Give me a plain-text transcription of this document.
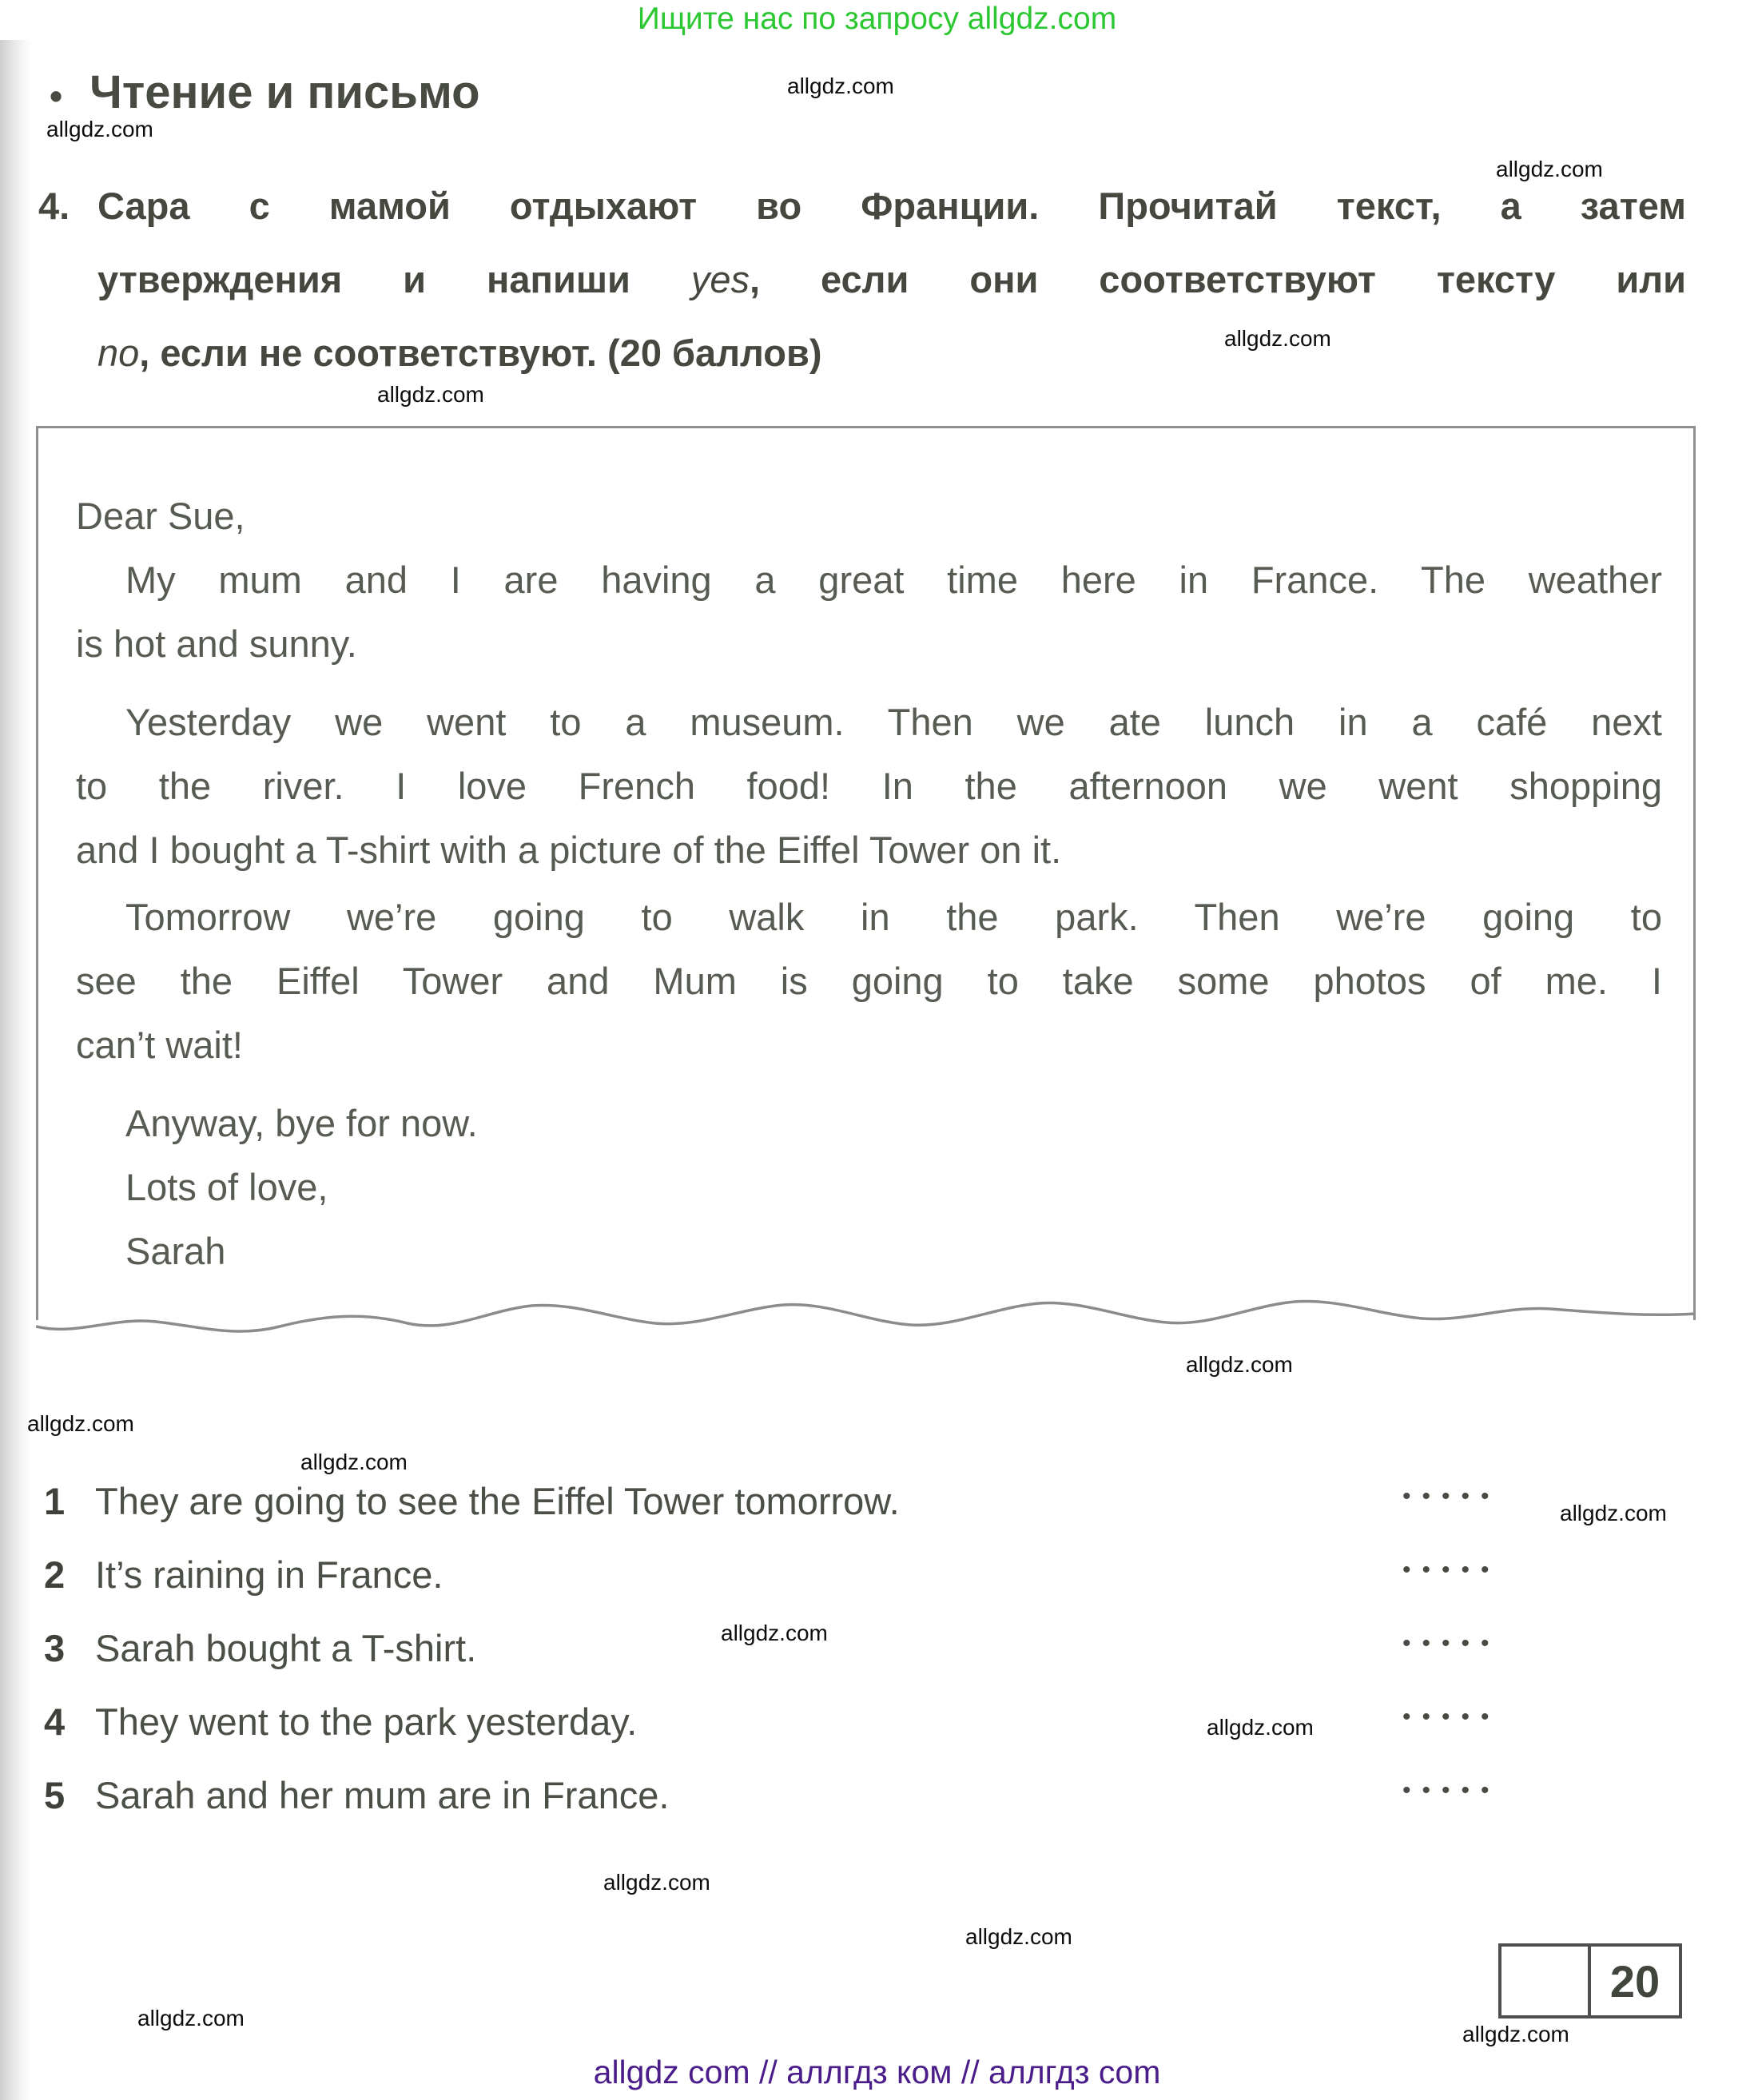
Ищите нас по запросу allgdz.com
allgdz.com
allgdz.com
allgdz.com
allgdz.com
allgdz.com
allgdz.com
allgdz.com
allgdz.com
allgdz.com
allgdz.com
allgdz.com
allgdz.com
allgdz.com
allgdz.com
allgdz.com
• Чтение и письмо
4. Сара с мамой отдыхают во Франции. Прочитай текст, а затем
утверждения и напиши yes, если они соответствуют тексту или
no, если не соответствуют. (20 баллов)
Dear Sue,
My mum and I are having a great time here in France. The weather
is hot and sunny.
Yesterday we went to a museum. Then we ate lunch in a café next
to the river. I love French food! In the afternoon we went shopping
and I bought a T-shirt with a picture of the Eiffel Tower on it.
Tomorrow we’re going to walk in the park. Then we’re going to
see the Eiffel Tower and Mum is going to take some photos of me. I
can’t wait!
Anyway, bye for now.
Lots of love,
Sarah
1 They are going to see the Eiffel Tower tomorrow.	•••••
2 It’s raining in France.	•••••
3 Sarah bought a T-shirt.	•••••
4 They went to the park yesterday.	•••••
5 Sarah and her mum are in France.	•••••
20
allgdz com // аллгдз ком // аллгдз com
